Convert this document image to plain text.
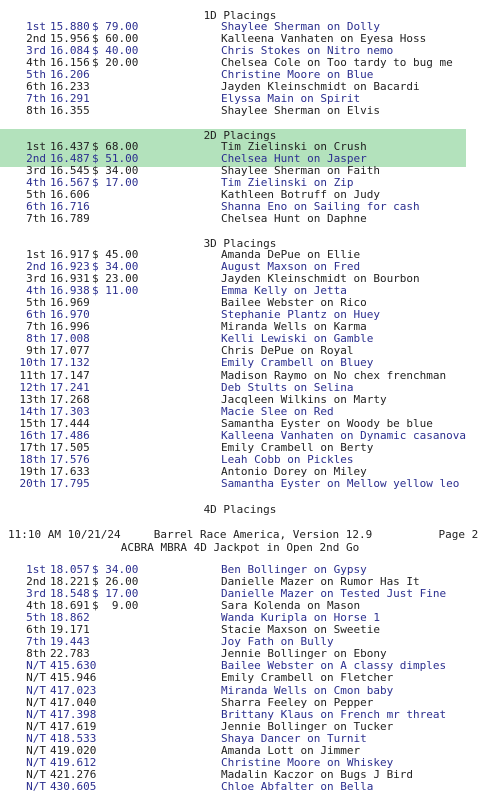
1D Placings
1st 15.880 $ 79.00	Shaylee Sherman on Dolly
2nd 15.956 $ 60.00	Kalleena Vanhaten on Eyesa Hoss
3rd 16.084 $ 40.00	Chris Stokes on Nitro nemo
4th 16.156 $ 20.00	Chelsea Cole on Too tardy to bug me
5th 16.206	Christine Moore on Blue
6th 16.233	Jayden Kleinschmidt on Bacardi
7th 16.291	Elyssa Main on Spirit
8th 16.355	Shaylee Sherman on Elvis
2D Placings
1st 16.437 $ 68.00	Tim Zielinski on Crush
2nd 16.487 $ 51.00	Chelsea Hunt on Jasper
3rd 16.545 $ 34.00	Shaylee Sherman on Faith
4th 16.567 $ 17.00	Tim Zielinski on Zip
5th 16.606	Kathleen Botruff on Judy
6th 16.716	Shanna Eno on Sailing for cash
7th 16.789	Chelsea Hunt on Daphne
3D Placings
1st 16.917 $ 45.00	Amanda DePue on Ellie
2nd 16.923 $ 34.00	August Maxson on Fred
3rd 16.931 $ 23.00	Jayden Kleinschmidt on Bourbon
4th 16.938 $ 11.00	Emma Kelly on Jetta
5th 16.969	Bailee Webster on Rico
6th 16.970	Stephanie Plantz on Huey
7th 16.996	Miranda Wells on Karma
8th 17.008	Kelli Lewiski on Gamble
9th 17.077	Chris DePue on Royal
10th 17.132	Emily Crambell on Bluey
11th 17.147	Madison Raymo on No chex frenchman
12th 17.241	Deb Stults on Selina
13th 17.268	Jacqleen Wilkins on Marty
14th 17.303	Macie Slee on Red
15th 17.444	Samantha Eyster on Woody be blue
16th 17.486	Kalleena Vanhaten on Dynamic casanova
17th 17.505	Emily Crambell on Berty
18th 17.576	Leah Cobb on Pickles
19th 17.633	Antonio Dorey on Miley
20th 17.795	Samantha Eyster on Mellow yellow leo
4D Placings
11:10 AM 10/21/24     Barrel Race America, Version 12.9          Page 2
ACBRA MBRA 4D Jackpot in Open 2nd Go
1st 18.057 $ 34.00	Ben Bollinger on Gypsy
2nd 18.221 $ 26.00	Danielle Mazer on Rumor Has It
3rd 18.548 $ 17.00	Danielle Mazer on Tested Just Fine
4th 18.691 $  9.00	Sara Kolenda on Mason
5th 18.862	Wanda Kuripla on Horse 1
6th 19.171	Stacie Maxson on Sweetie
7th 19.443	Joy Fath on Bully
8th 22.783	Jennie Bollinger on Ebony
N/T 415.630	Bailee Webster on A classy dimples
N/T 415.946	Emily Crambell on Fletcher
N/T 417.023	Miranda Wells on Cmon baby
N/T 417.040	Sharra Feeley on Pepper
N/T 417.398	Brittany Klaus on French mr threat
N/T 417.619	Jennie Bollinger on Tucker
N/T 418.533	Shaya Dancer on Turnit
N/T 419.020	Amanda Lott on Jimmer
N/T 419.612	Christine Moore on Whiskey
N/T 421.276	Madalin Kaczor on Bugs J Bird
N/T 430.605	Chloe Abfalter on Bella
